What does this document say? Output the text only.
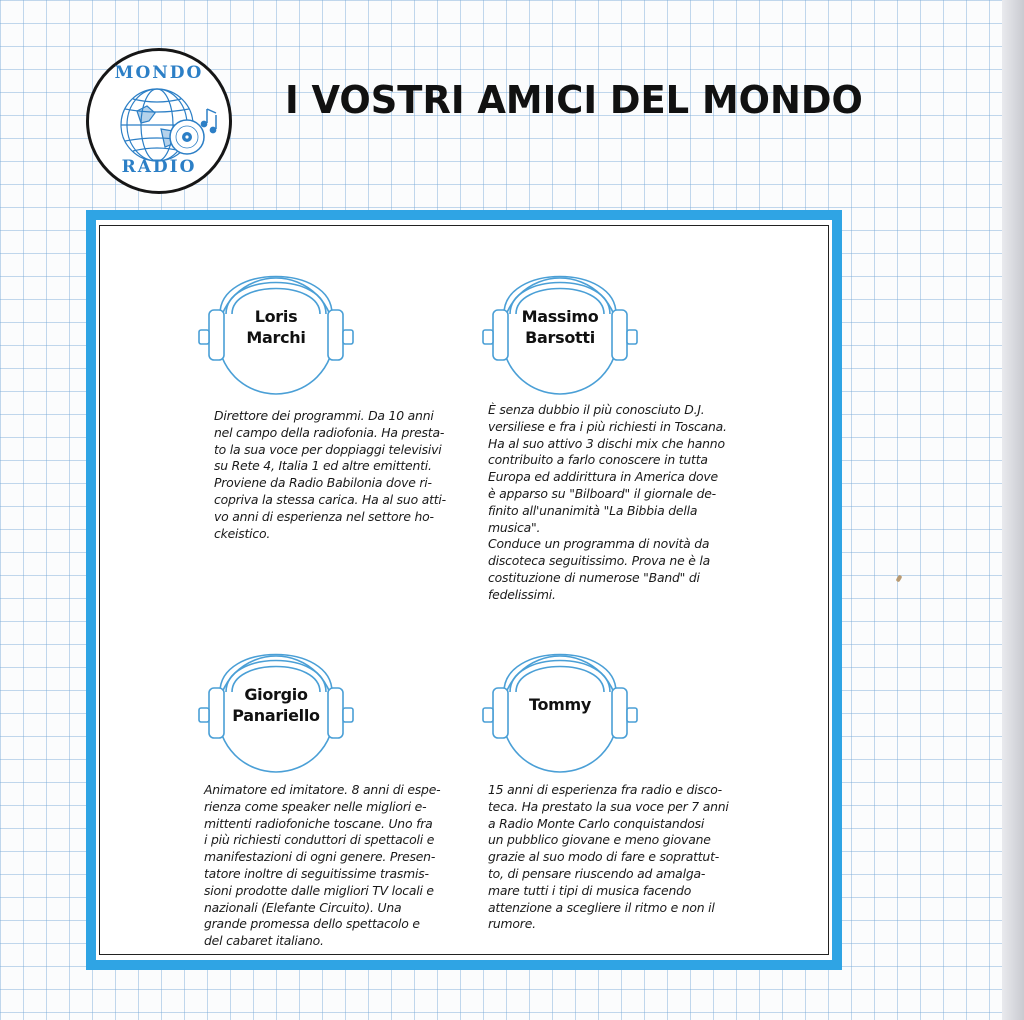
MONDO
RADIO
I VOSTRI AMICI DEL MONDO
Loris
Marchi

Direttore dei programmi. Da 10 anni
nel campo della radiofonia. Ha presta-
to la sua voce per doppiaggi televisivi
su Rete 4, Italia 1 ed altre emittenti.
Proviene da Radio Babilonia dove ri-
copriva la stessa carica. Ha al suo atti-
vo anni di esperienza nel settore ho-
ckeistico.

Massimo
Barsotti

È senza dubbio il più conosciuto D.J.
versiliese e fra i più richiesti in Toscana.
Ha al suo attivo 3 dischi mix che hanno
contribuito a farlo conoscere in tutta
Europa ed addirittura in America dove
è apparso su "Bilboard" il giornale de-
finito all'unanimità "La Bibbia della
musica".
Conduce un programma di novità da
discoteca seguitissimo. Prova ne è la
costituzione di numerose "Band" di
fedelissimi.

Giorgio
Panariello

Animatore ed imitatore. 8 anni di espe-
rienza come speaker nelle migliori e-
mittenti radiofoniche toscane. Uno fra
i più richiesti conduttori di spettacoli e
manifestazioni di ogni genere. Presen-
tatore inoltre di seguitissime trasmis-
sioni prodotte dalle migliori TV locali e
nazionali (Elefante Circuito). Una
grande promessa dello spettacolo e
del cabaret italiano.

Tommy

15 anni di esperienza fra radio e disco-
teca. Ha prestato la sua voce per 7 anni
a Radio Monte Carlo conquistandosi
un pubblico giovane e meno giovane
grazie al suo modo di fare e soprattut-
to, di pensare riuscendo ad amalga-
mare tutti i tipi di musica facendo
attenzione a scegliere il ritmo e non il
rumore.
